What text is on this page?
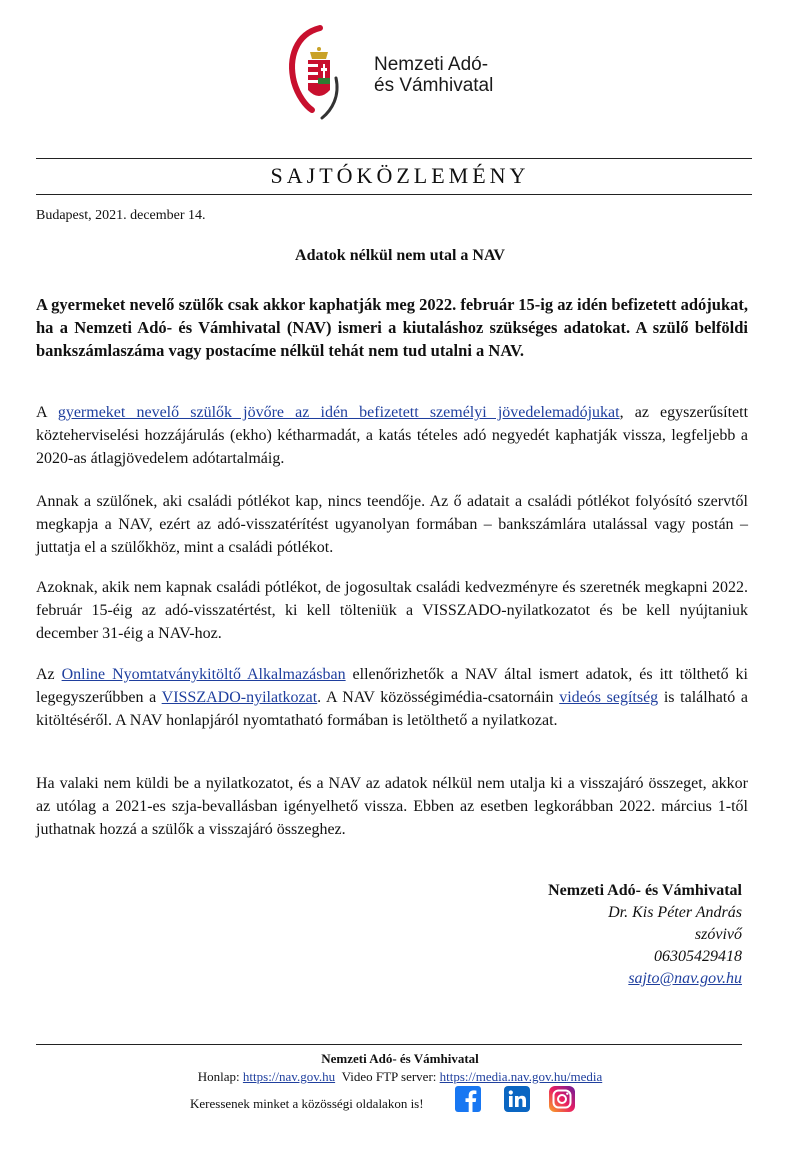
Nemzeti Adó-
és Vámhivatal
SAJTÓKÖZLEMÉNY
Budapest, 2021. december 14.
Adatok nélkül nem utal a NAV

A gyermeket nevelő szülők csak akkor kaphatják meg 2022. február 15-ig az idén befizetett adójukat, ha a Nemzeti Adó- és Vámhivatal (NAV) ismeri a kiutaláshoz szükséges adatokat. A szülő belföldi bankszámlaszáma vagy postacíme nélkül tehát nem tud utalni a NAV.

A gyermeket nevelő szülők jövőre az idén befizetett személyi jövedelemadójukat, az egyszerűsített közteherviselési hozzájárulás (ekho) kétharmadát, a katás tételes adó negyedét kaphatják vissza, legfeljebb a 2020-as átlagjövedelem adótartalmáig.

Annak a szülőnek, aki családi pótlékot kap, nincs teendője. Az ő adatait a családi pótlékot folyósító szervtől megkapja a NAV, ezért az adó-visszatérítést ugyanolyan formában – bankszámlára utalással vagy postán – juttatja el a szülőkhöz, mint a családi pótlékot.

Azoknak, akik nem kapnak családi pótlékot, de jogosultak családi kedvezményre és szeretnék megkapni 2022. február 15-éig az adó-visszatértést, ki kell tölteniük a VISSZADO-nyilatkozatot és be kell nyújtaniuk december 31-éig a NAV-hoz.

Az Online Nyomtatványkitöltő Alkalmazásban ellenőrizhetők a NAV által ismert adatok, és itt tölthető ki legegyszerűbben a VISSZADO-nyilatkozat. A NAV közösségimédia-csatornáin videós segítség is található a kitöltéséről. A NAV honlapjáról nyomtatható formában is letölthető a nyilatkozat.

Ha valaki nem küldi be a nyilatkozatot, és a NAV az adatok nélkül nem utalja ki a visszajáró összeget, akkor az utólag a 2021-es szja-bevallásban igényelhető vissza. Ebben az esetben legkorábban 2022. március 1-től juthatnak hozzá a szülők a visszajáró összeghez.

Nemzeti Adó- és Vámhivatal
Dr. Kis Péter András
szóvivő
06305429418
sajto@nav.gov.hu
Nemzeti Adó- és Vámhivatal
Honlap: https://nav.gov.hu Video FTP server: https://media.nav.gov.hu/media
Keressenek minket a közösségi oldalakon is!
